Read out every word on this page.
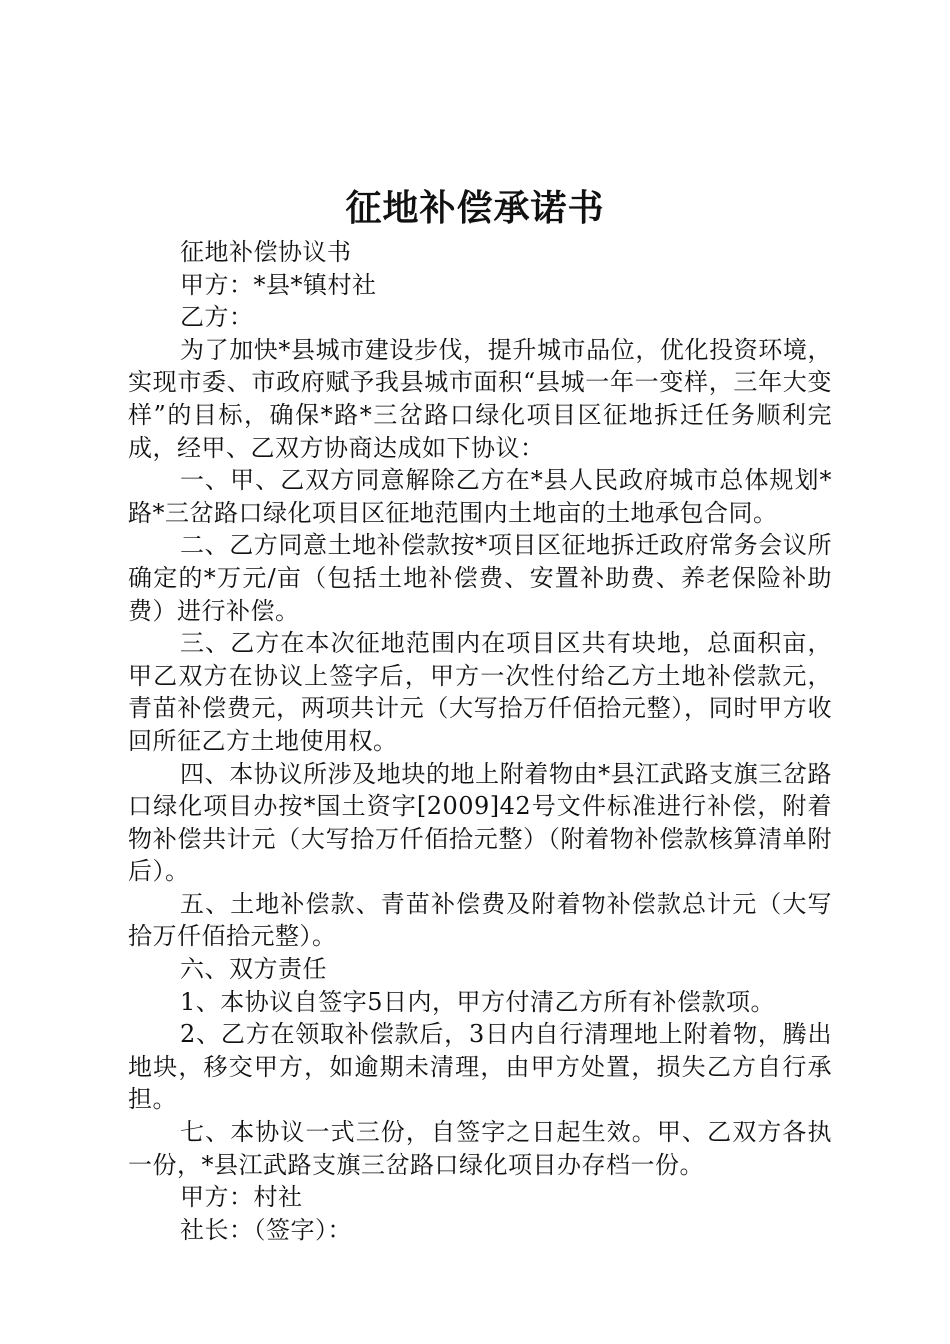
征地补偿承诺书

征地补偿协议书

甲方：*县*镇村社

乙方：

为了加快*县城市建设步伐，提升城市品位，优化投资环境，实现市委、市政府赋予我县城市面积“县城一年一变样，三年大变样”的目标，确保*路*三岔路口绿化项目区征地拆迁任务顺利完成，经甲、乙双方协商达成如下协议：

一、甲、乙双方同意解除乙方在*县人民政府城市总体规划*路*三岔路口绿化项目区征地范围内土地亩的土地承包合同。

二、乙方同意土地补偿款按*项目区征地拆迁政府常务会议所确定的*万元/亩（包括土地补偿费、安置补助费、养老保险补助费）进行补偿。

三、乙方在本次征地范围内在项目区共有块地，总面积亩，甲乙双方在协议上签字后，甲方一次性付给乙方土地补偿款元，青苗补偿费元，两项共计元（大写拾万仟佰拾元整），同时甲方收回所征乙方土地使用权。

四、本协议所涉及地块的地上附着物由*县江武路支旗三岔路口绿化项目办按*国土资字[2009]42号文件标准进行补偿，附着物补偿共计元（大写拾万仟佰拾元整）（附着物补偿款核算清单附后）。

五、土地补偿款、青苗补偿费及附着物补偿款总计元（大写拾万仟佰拾元整）。

六、双方责任

1、本协议自签字5日内，甲方付清乙方所有补偿款项。

2、乙方在领取补偿款后，3日内自行清理地上附着物，腾出地块，移交甲方，如逾期未清理，由甲方处置，损失乙方自行承担。

七、本协议一式三份，自签字之日起生效。甲、乙双方各执一份，*县江武路支旗三岔路口绿化项目办存档一份。

甲方：村社

社长：（签字）：
